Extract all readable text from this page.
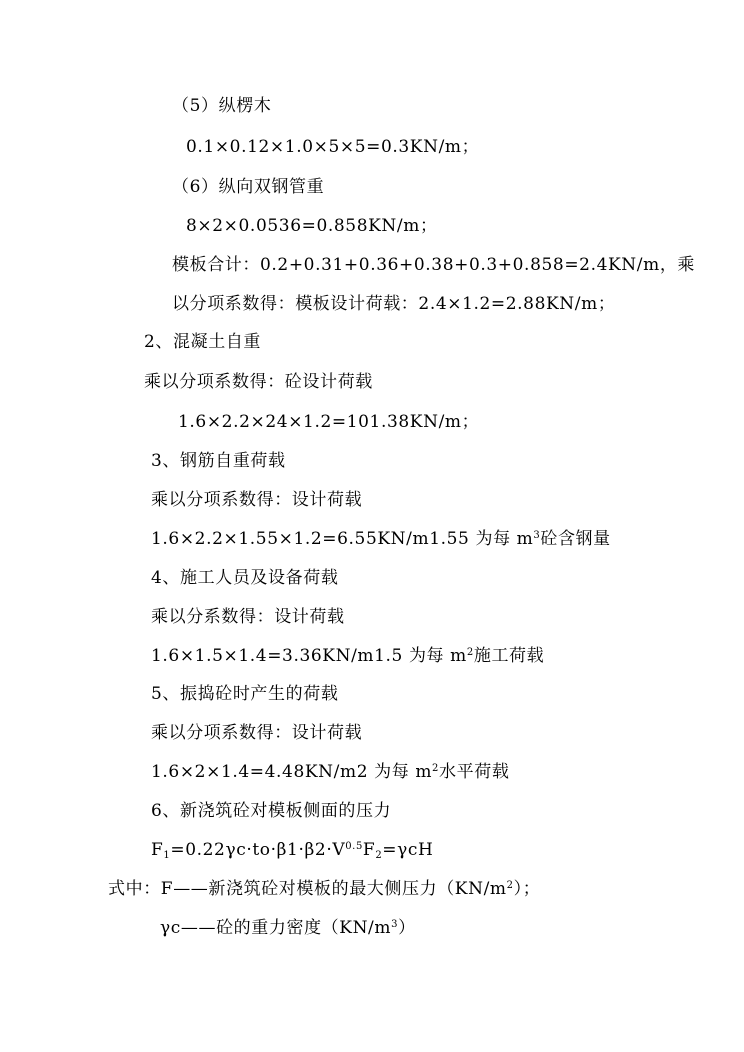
（5）纵楞木
0.1×0.12×1.0×5×5=0.3KN/m；
（6）纵向双钢管重
8×2×0.0536=0.858KN/m；
模板合计：0.2+0.31+0.36+0.38+0.3+0.858=2.4KN/m，乘
以分项系数得：模板设计荷载：2.4×1.2=2.88KN/m；
2、混凝土自重
乘以分项系数得：砼设计荷载
1.6×2.2×24×1.2=101.38KN/m；
3、钢筋自重荷载
乘以分项系数得：设计荷载
1.6×2.2×1.55×1.2=6.55KN/m1.55 为每 $m^3$砼含钢量
4、施工人员及设备荷载
乘以分系数得：设计荷载
1.6×1.5×1.4=3.36KN/m1.5 为每 $m^2$施工荷载
5、振捣砼时产生的荷载
乘以分项系数得：设计荷载
1.6×2×1.4=4.48KN/m2 为每 $m^2$水平荷载
6、新浇筑砼对模板侧面的压力
$F_1=0.22\gamma c\cdot to\cdot\beta 1\cdot\beta 2\cdot V^{0.5}F_2=\gamma cH$
式中：F——新浇筑砼对模板的最大侧压力$(KN/m^2)$；
γc——砼的重力密度$(KN/m^3)$
